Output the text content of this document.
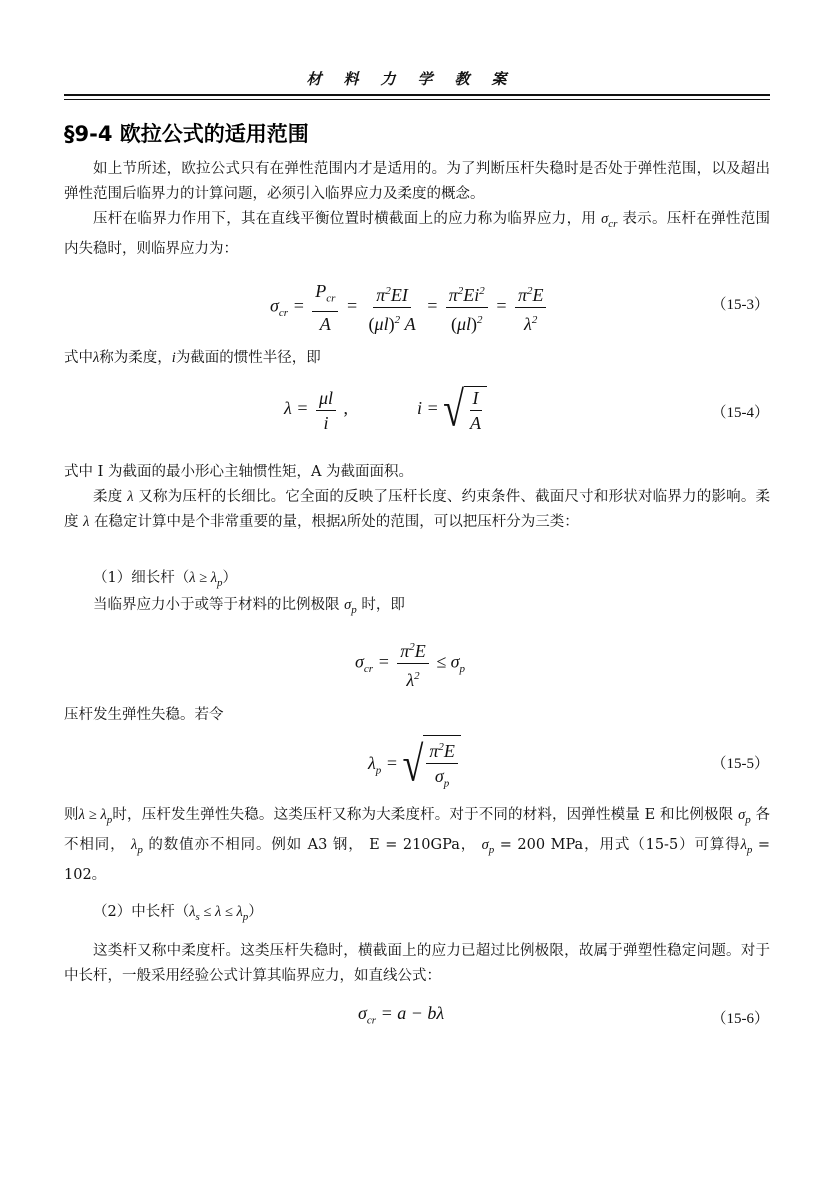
材料力学教案
§9-4 欧拉公式的适用范围
如上节所述，欧拉公式只有在弹性范围内才是适用的。为了判断压杆失稳时是否处于弹性范围，以及超出弹性范围后临界力的计算问题，必须引入临界应力及柔度的概念。
压杆在临界力作用下，其在直线平衡位置时横截面上的应力称为临界应力，用 $\sigma_{cr}$ 表示。压杆在弹性范围内失稳时，则临界应力为：
$\sigma_{cr} = \frac{P_{cr}}{A} = \frac{\pi^2EI}{(\mu l)^2 A} = \frac{\pi^2Ei^2}{(\mu l)^2} = \frac{\pi^2E}{\lambda^2}$	（15-3）
式中λ称为柔度，i为截面的惯性半径，即
$\lambda = \frac{\mu l}{i}$ ,	i = √ $\frac{I}{A}$	（15-4）
式中 I 为截面的最小形心主轴惯性矩，A 为截面面积。
柔度 λ 又称为压杆的长细比。它全面的反映了压杆长度、约束条件、截面尺寸和形状对临界力的影响。柔度 λ 在稳定计算中是个非常重要的量，根据λ所处的范围，可以把压杆分为三类：
（1）细长杆$(\lambda \ge \lambda_p)$
当临界应力小于或等于材料的比例极限 $\sigma_p$ 时，即
$\sigma_{cr} = \frac{\pi^2E}{\lambda^2} \le \sigma_p$
压杆发生弹性失稳。若令
$\lambda_p$ = √ $\frac{\pi^2E}{\sigma_p}$	（15-5）
则$\lambda \ge \lambda_p$时，压杆发生弹性失稳。这类压杆又称为大柔度杆。对于不同的材料，因弹性模量 E 和比例极限 $\sigma_p$ 各不相同， $\lambda_p$ 的数值亦不相同。例如 A3 钢， E = 210GPa， $\sigma_p = 200$ MPa，用式（15-5）可算得$\lambda_p = 102$。
（2）中长杆$(\lambda_s \le \lambda \le \lambda_p)$
这类杆又称中柔度杆。这类压杆失稳时，横截面上的应力已超过比例极限，故属于弹塑性稳定问题。对于中长杆，一般采用经验公式计算其临界应力，如直线公式：
$\sigma_{cr} = a - b\lambda$	（15-6）
